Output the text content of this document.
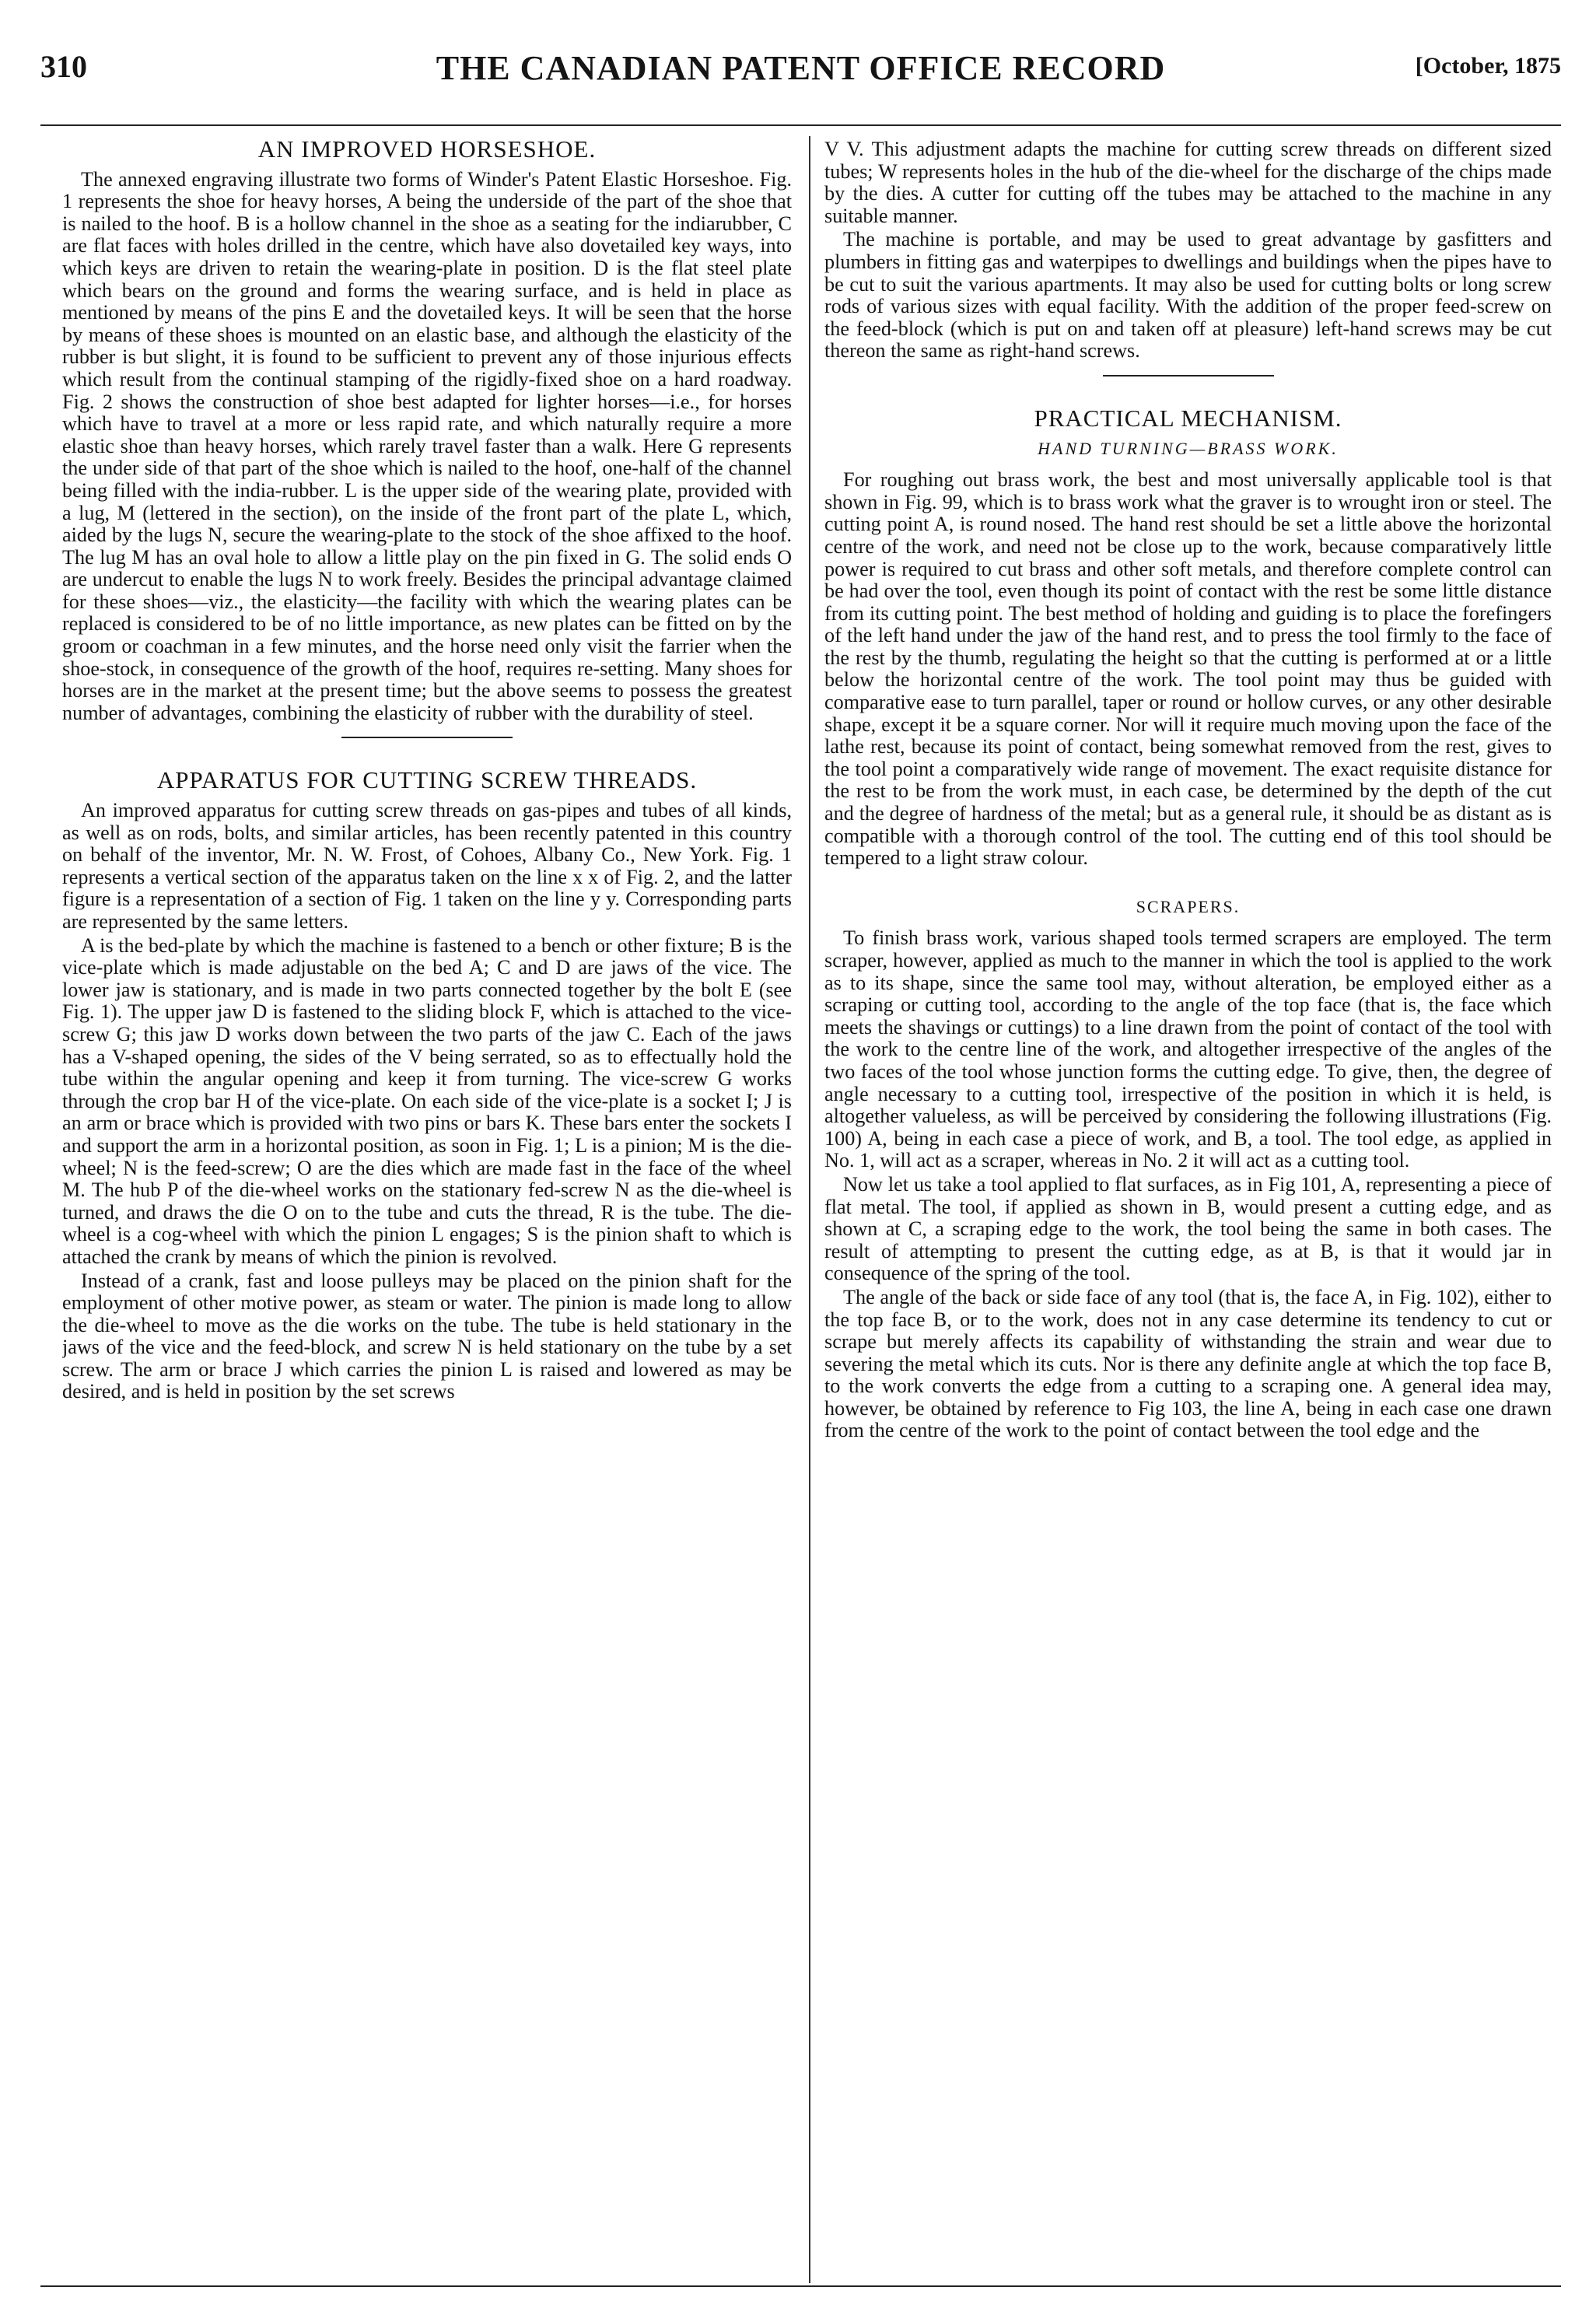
310	THE CANADIAN PATENT OFFICE RECORD	[October, 1875
AN IMPROVED HORSESHOE.

The annexed engraving illustrate two forms of Winder's Patent Elastic Horseshoe. Fig. 1 represents the shoe for heavy horses, A being the underside of the part of the shoe that is nailed to the hoof. B is a hollow channel in the shoe as a seating for the indiarubber, C are flat faces with holes drilled in the centre, which have also dovetailed key ways, into which keys are driven to retain the wearing-plate in position. D is the flat steel plate which bears on the ground and forms the wearing surface, and is held in place as mentioned by means of the pins E and the dovetailed keys. It will be seen that the horse by means of these shoes is mounted on an elastic base, and although the elasticity of the rubber is but slight, it is found to be sufficient to prevent any of those injurious effects which result from the continual stamping of the rigidly-fixed shoe on a hard roadway. Fig. 2 shows the construction of shoe best adapted for lighter horses—i.e., for horses which have to travel at a more or less rapid rate, and which naturally require a more elastic shoe than heavy horses, which rarely travel faster than a walk. Here G represents the under side of that part of the shoe which is nailed to the hoof, one-half of the channel being filled with the india-rubber. L is the upper side of the wearing plate, provided with a lug, M (lettered in the section), on the inside of the front part of the plate L, which, aided by the lugs N, secure the wearing-plate to the stock of the shoe affixed to the hoof. The lug M has an oval hole to allow a little play on the pin fixed in G. The solid ends O are undercut to enable the lugs N to work freely. Besides the principal advantage claimed for these shoes—viz., the elasticity—the facility with which the wearing plates can be replaced is considered to be of no little importance, as new plates can be fitted on by the groom or coachman in a few minutes, and the horse need only visit the farrier when the shoe-stock, in consequence of the growth of the hoof, requires re-setting. Many shoes for horses are in the market at the present time; but the above seems to possess the greatest number of advantages, combining the elasticity of rubber with the durability of steel.

APPARATUS FOR CUTTING SCREW THREADS.

An improved apparatus for cutting screw threads on gas-pipes and tubes of all kinds, as well as on rods, bolts, and similar articles, has been recently patented in this country on behalf of the inventor, Mr. N. W. Frost, of Cohoes, Albany Co., New York. Fig. 1 represents a vertical section of the apparatus taken on the line x x of Fig. 2, and the latter figure is a representation of a section of Fig. 1 taken on the line y y. Corresponding parts are represented by the same letters.

A is the bed-plate by which the machine is fastened to a bench or other fixture; B is the vice-plate which is made adjustable on the bed A; C and D are jaws of the vice. The lower jaw is stationary, and is made in two parts connected together by the bolt E (see Fig. 1). The upper jaw D is fastened to the sliding block F, which is attached to the vice-screw G; this jaw D works down between the two parts of the jaw C. Each of the jaws has a V-shaped opening, the sides of the V being serrated, so as to effectually hold the tube within the angular opening and keep it from turning. The vice-screw G works through the crop bar H of the vice-plate. On each side of the vice-plate is a socket I; J is an arm or brace which is provided with two pins or bars K. These bars enter the sockets I and support the arm in a horizontal position, as soon in Fig. 1; L is a pinion; M is the die-wheel; N is the feed-screw; O are the dies which are made fast in the face of the wheel M. The hub P of the die-wheel works on the stationary fed-screw N as the die-wheel is turned, and draws the die O on to the tube and cuts the thread, R is the tube. The die-wheel is a cog-wheel with which the pinion L engages; S is the pinion shaft to which is attached the crank by means of which the pinion is revolved.

Instead of a crank, fast and loose pulleys may be placed on the pinion shaft for the employment of other motive power, as steam or water. The pinion is made long to allow the die-wheel to move as the die works on the tube. The tube is held stationary in the jaws of the vice and the feed-block, and screw N is held stationary on the tube by a set screw. The arm or brace J which carries the pinion L is raised and lowered as may be desired, and is held in position by the set screws

V V. This adjustment adapts the machine for cutting screw threads on different sized tubes; W represents holes in the hub of the die-wheel for the discharge of the chips made by the dies. A cutter for cutting off the tubes may be attached to the machine in any suitable manner.

The machine is portable, and may be used to great advantage by gasfitters and plumbers in fitting gas and waterpipes to dwellings and buildings when the pipes have to be cut to suit the various apartments. It may also be used for cutting bolts or long screw rods of various sizes with equal facility. With the addition of the proper feed-screw on the feed-block (which is put on and taken off at pleasure) left-hand screws may be cut thereon the same as right-hand screws.

PRACTICAL MECHANISM.
HAND TURNING—BRASS WORK.

For roughing out brass work, the best and most universally applicable tool is that shown in Fig. 99, which is to brass work what the graver is to wrought iron or steel. The cutting point A, is round nosed. The hand rest should be set a little above the horizontal centre of the work, and need not be close up to the work, because comparatively little power is required to cut brass and other soft metals, and therefore complete control can be had over the tool, even though its point of contact with the rest be some little distance from its cutting point. The best method of holding and guiding is to place the forefingers of the left hand under the jaw of the hand rest, and to press the tool firmly to the face of the rest by the thumb, regulating the height so that the cutting is performed at or a little below the horizontal centre of the work. The tool point may thus be guided with comparative ease to turn parallel, taper or round or hollow curves, or any other desirable shape, except it be a square corner. Nor will it require much moving upon the face of the lathe rest, because its point of contact, being somewhat removed from the rest, gives to the tool point a comparatively wide range of movement. The exact requisite distance for the rest to be from the work must, in each case, be determined by the depth of the cut and the degree of hardness of the metal; but as a general rule, it should be as distant as is compatible with a thorough control of the tool. The cutting end of this tool should be tempered to a light straw colour.

SCRAPERS.

To finish brass work, various shaped tools termed scrapers are employed. The term scraper, however, applied as much to the manner in which the tool is applied to the work as to its shape, since the same tool may, without alteration, be employed either as a scraping or cutting tool, according to the angle of the top face (that is, the face which meets the shavings or cuttings) to a line drawn from the point of contact of the tool with the work to the centre line of the work, and altogether irrespective of the angles of the two faces of the tool whose junction forms the cutting edge. To give, then, the degree of angle necessary to a cutting tool, irrespective of the position in which it is held, is altogether valueless, as will be perceived by considering the following illustrations (Fig. 100) A, being in each case a piece of work, and B, a tool. The tool edge, as applied in No. 1, will act as a scraper, whereas in No. 2 it will act as a cutting tool.

Now let us take a tool applied to flat surfaces, as in Fig 101, A, representing a piece of flat metal. The tool, if applied as shown in B, would present a cutting edge, and as shown at C, a scraping edge to the work, the tool being the same in both cases. The result of attempting to present the cutting edge, as at B, is that it would jar in consequence of the spring of the tool.

The angle of the back or side face of any tool (that is, the face A, in Fig. 102), either to the top face B, or to the work, does not in any case determine its tendency to cut or scrape but merely affects its capability of withstanding the strain and wear due to severing the metal which its cuts. Nor is there any definite angle at which the top face B, to the work converts the edge from a cutting to a scraping one. A general idea may, however, be obtained by reference to Fig 103, the line A, being in each case one drawn from the centre of the work to the point of contact between the tool edge and the
